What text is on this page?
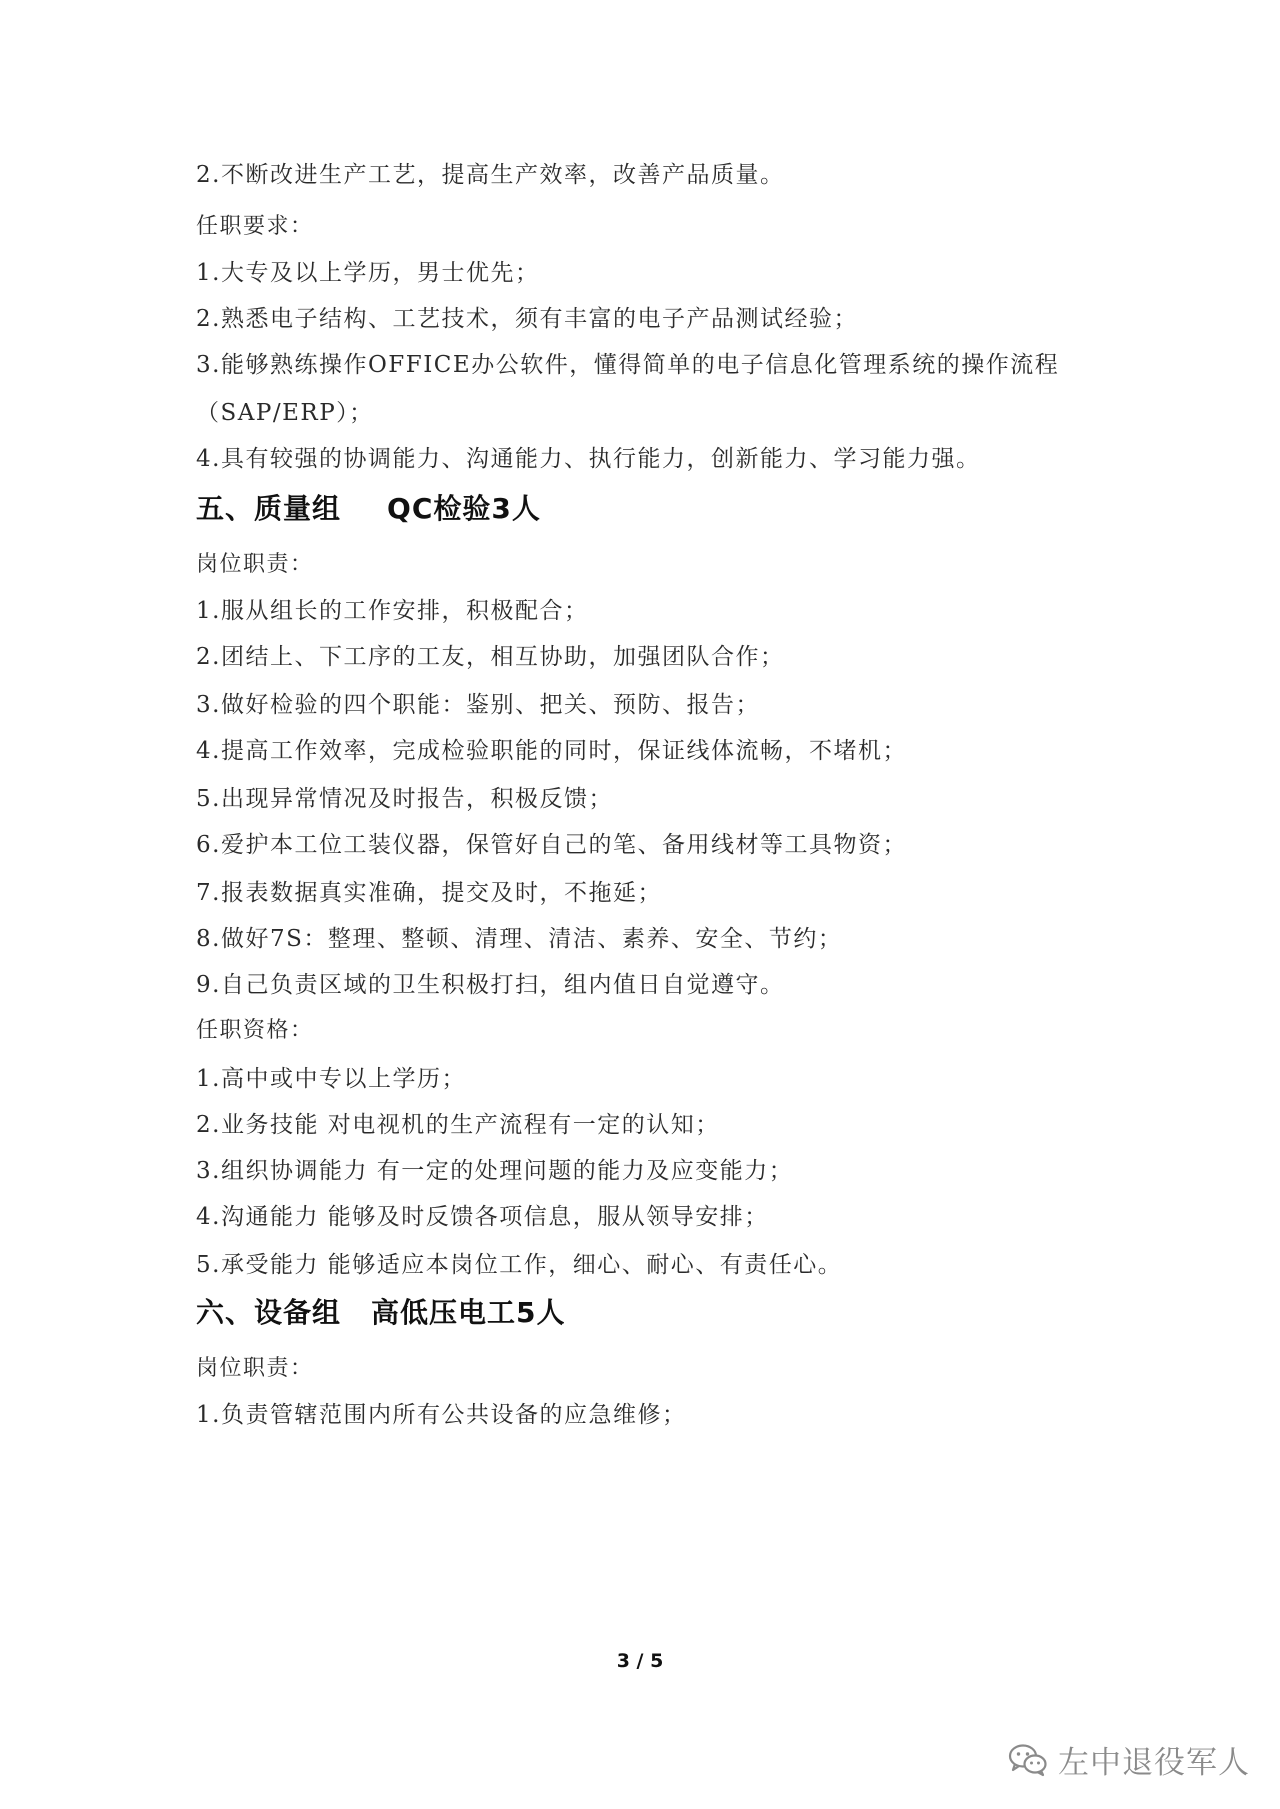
2.不断改进生产工艺，提高生产效率，改善产品质量。
任职要求：
1.大专及以上学历，男士优先；
2.熟悉电子结构、工艺技术，须有丰富的电子产品测试经验；
3.能够熟练操作OFFICE办公软件，懂得简单的电子信息化管理系统的操作流程
（SAP/ERP）；
4.具有较强的协调能力、沟通能力、执行能力，创新能力、学习能力强。
五、质量组 QC检验3人
岗位职责：
1.服从组长的工作安排，积极配合；
2.团结上、下工序的工友，相互协助，加强团队合作；
3.做好检验的四个职能：鉴别、把关、预防、报告；
4.提高工作效率，完成检验职能的同时，保证线体流畅，不堵机；
5.出现异常情况及时报告，积极反馈；
6.爱护本工位工装仪器，保管好自己的笔、备用线材等工具物资；
7.报表数据真实准确，提交及时，不拖延；
8.做好7S：整理、整顿、清理、清洁、素养、安全、节约；
9.自己负责区域的卫生积极打扫，组内值日自觉遵守。
任职资格：
1.高中或中专以上学历；
2.业务技能 对电视机的生产流程有一定的认知；
3.组织协调能力 有一定的处理问题的能力及应变能力；
4.沟通能力 能够及时反馈各项信息，服从领导安排；
5.承受能力 能够适应本岗位工作，细心、耐心、有责任心。
六、设备组 高低压电工5人
岗位职责：
1.负责管辖范围内所有公共设备的应急维修；
3 / 5
左中退役军人
